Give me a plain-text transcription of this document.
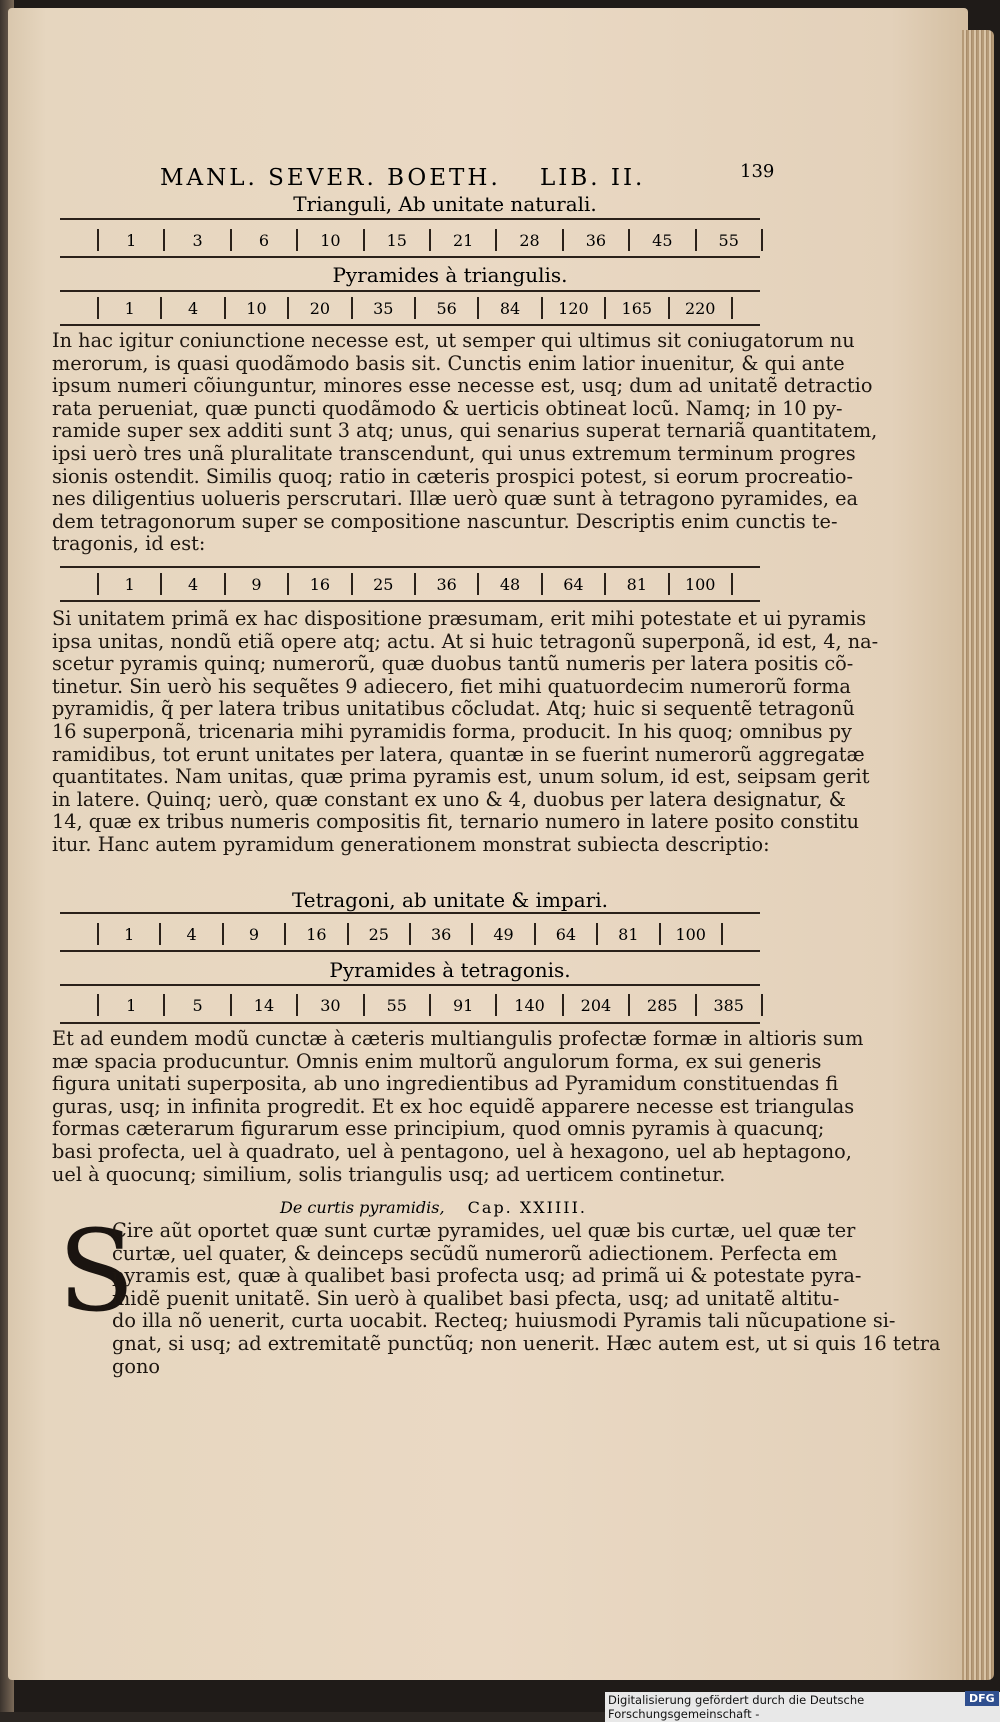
MANL. SEVER. BOETH. LIB. II.	139
Trianguli, Ab unitate naturali.
1	3	6	10	15	21	28	36	45	55
Pyramides à triangulis.
1	4	10	20	35	56	84	120	165	220

In hac igitur coniunctione necesse est, ut semper qui ultimus sit coniugatorum nu

merorum, is quasi quodãmodo basis sit. Cunctis enim latior inuenitur, & qui ante

ipsum numeri cõiunguntur, minores esse necesse est, usq; dum ad unitatẽ detractio

rata perueniat, quæ puncti quodãmodo & uerticis obtineat locũ. Namq; in 10 py-

ramide super sex additi sunt 3 atq; unus, qui senarius superat ternariã quantitatem,

ipsi uerò tres unã pluralitate transcendunt, qui unus extremum terminum progres

sionis ostendit. Similis quoq; ratio in cæteris prospici potest, si eorum procreatio-

nes diligentius uolueris perscrutari. Illæ uerò quæ sunt à tetragono pyramides, ea

dem tetragonorum super se compositione nascuntur. Descriptis enim cunctis te-

tragonis, id est:

1	4	9	16	25	36	48	64	81	100

Si unitatem primã ex hac dispositione præsumam, erit mihi potestate et ui pyramis

ipsa unitas, nondũ etiã opere atq; actu. At si huic tetragonũ superponã, id est, 4, na-

scetur pyramis quinq; numerorũ, quæ duobus tantũ numeris per latera positis cõ-

tinetur. Sin uerò his sequẽtes 9 adiecero, fiet mihi quatuordecim numerorũ forma

pyramidis, q̃ per latera tribus unitatibus cõcludat. Atq; huic si sequentẽ tetragonũ

16 superponã, tricenaria mihi pyramidis forma, producit. In his quoq; omnibus py

ramidibus, tot erunt unitates per latera, quantæ in se fuerint numerorũ aggregatæ

quantitates. Nam unitas, quæ prima pyramis est, unum solum, id est, seipsam gerit

in latere. Quinq; uerò, quæ constant ex uno & 4, duobus per latera designatur, &

14, quæ ex tribus numeris compositis fit, ternario numero in latere posito constitu

itur. Hanc autem pyramidum generationem monstrat subiecta descriptio:

Tetragoni, ab unitate & impari.
1	4	9	16	25	36	49	64	81	100
Pyramides à tetragonis.
1	5	14	30	55	91	140	204	285	385

Et ad eundem modũ cunctæ à cæteris multiangulis profectæ formæ in altioris sum

mæ spacia producuntur. Omnis enim multorũ angulorum forma, ex sui generis

figura unitati superposita, ab uno ingredientibus ad Pyramidum constituendas fi

guras, usq; in infinita progredit. Et ex hoc equidẽ apparere necesse est triangulas

formas cæterarum figurarum esse principium, quod omnis pyramis à quacunq;

basi profecta, uel à quadrato, uel à pentagono, uel à hexagono, uel ab heptagono,

uel à quocunq; similium, solis triangulis usq; ad uerticem continetur.

De curtis pyramidis, Cap. XXIIII.
S

Cire aũt oportet quæ sunt curtæ pyramides, uel quæ bis curtæ, uel quæ ter

curtæ, uel quater, & deinceps secũdũ numerorũ adiectionem. Perfecta em

pyramis est, quæ à qualibet basi profecta usq; ad primã ui & potestate pyra-

midẽ puenit unitatẽ. Sin uerò à qualibet basi pfecta, usq; ad unitatẽ altitu-

do illa nõ uenerit, curta uocabit. Recteq; huiusmodi Pyramis tali nũcupatione si-

gnat, si usq; ad extremitatẽ punctũq; non uenerit. Hæc autem est, ut si quis 16 tetra

gono

Digitalisierung gefördert durch die Deutsche Forschungsgemeinschaft -
DFG
